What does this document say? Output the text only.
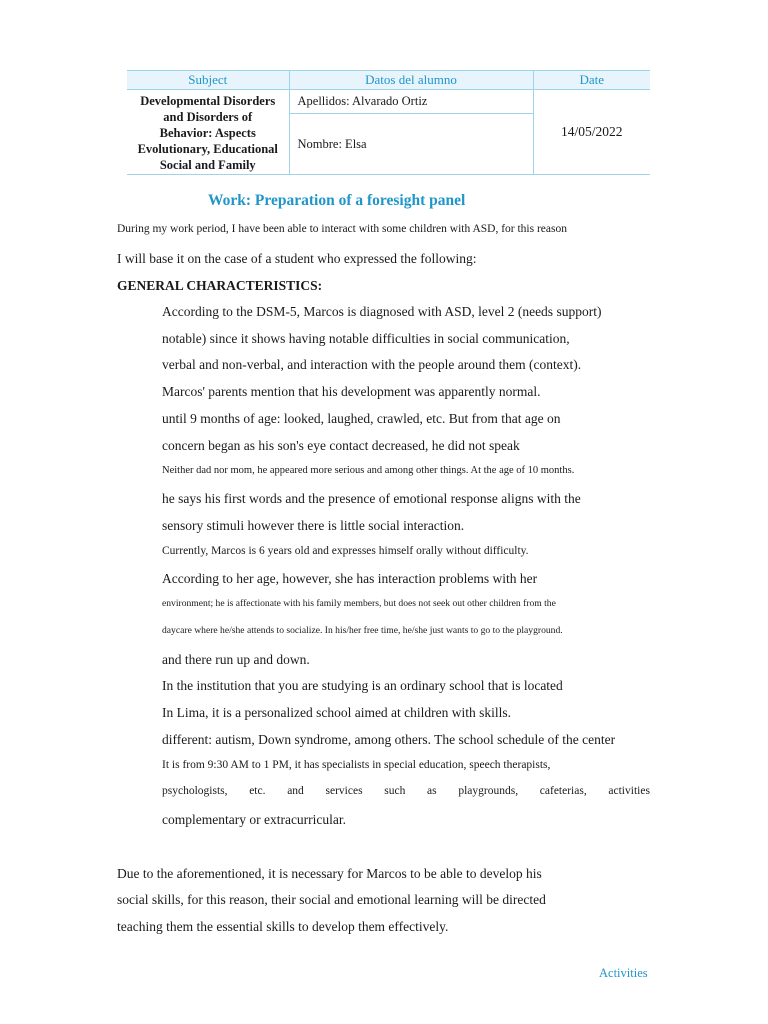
Subject	Datos del alumno	Date

Developmental Disorders
and Disorders of
Behavior: Aspects
Evolutionary, Educational
Social and Family	Apellidos: Alvarado Ortiz	14/05/2022
	Nombre: Elsa	
Work: Preparation of a foresight panel
During my work period, I have been able to interact with some children with ASD, for this reason
I will base it on the case of a student who expressed the following:
GENERAL CHARACTERISTICS:
According to the DSM-5, Marcos is diagnosed with ASD, level 2 (needs support)
notable) since it shows having notable difficulties in social communication,
verbal and non-verbal, and interaction with the people around them (context).
Marcos' parents mention that his development was apparently normal.
until 9 months of age: looked, laughed, crawled, etc. But from that age on
concern began as his son's eye contact decreased, he did not speak
Neither dad nor mom, he appeared more serious and among other things. At the age of 10 months.
he says his first words and the presence of emotional response aligns with the
sensory stimuli however there is little social interaction.
Currently, Marcos is 6 years old and expresses himself orally without difficulty.
According to her age, however, she has interaction problems with her
environment; he is affectionate with his family members, but does not seek out other children from the
daycare where he/she attends to socialize. In his/her free time, he/she just wants to go to the playground.
and there run up and down.
In the institution that you are studying is an ordinary school that is located
In Lima, it is a personalized school aimed at children with skills.
different: autism, Down syndrome, among others. The school schedule of the center
It is from 9:30 AM to 1 PM, it has specialists in special education, speech therapists,
psychologists, etc. and services such as playgrounds, cafeterias, activities
complementary or extracurricular.
Due to the aforementioned, it is necessary for Marcos to be able to develop his
social skills, for this reason, their social and emotional learning will be directed
teaching them the essential skills to develop them effectively.
Activities
